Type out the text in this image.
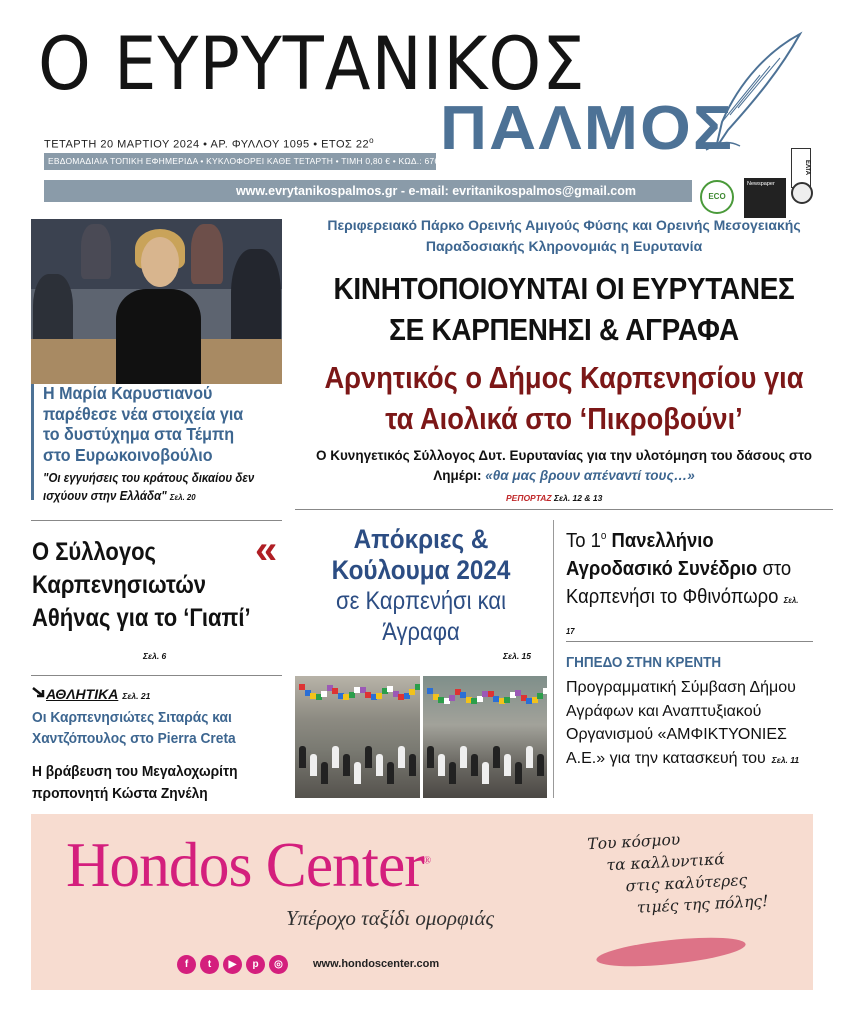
Ο ΕΥΡΥΤΑΝΙΚΟΣ
ΠΑΛΜΟΣ
ΤΕΤΑΡΤΗ 20 ΜΑΡΤΙΟΥ 2024 • ΑΡ. ΦΥΛΛΟΥ 1095 • ΕΤΟΣ $22^o$
ΕΒΔΟΜΑΔΙΑΙΑ ΤΟΠΙΚΗ ΕΦΗΜΕΡΙΔΑ • ΚΥΚΛΟΦΟΡΕΙ ΚΑΘΕ ΤΕΤΑΡΤΗ • ΤΙΜΗ 0,80 € • ΚΩΔ.: 6763
www.evrytanikospalmos.gr - e-mail: evritanikospalmos@gmail.com	ECO
Newspaper
ΕΛΤΑ
Η Μαρία Καρυστιανού παρέθεσε νέα στοιχεία για το δυστύχημα στα Τέμπη στο Ευρωκοινοβούλιο
"Οι εγγυήσεις του κράτους δικαίου δεν ισχύουν στην Ελλάδα" Σελ. 20
Ο Σύλλογος Καρπενησιωτών Αθήνας για το ‘Γιαπί’
«
Σελ. 6
ΑΘΛΗΤΙΚΑ Σελ. 21
Οι Καρπενησιώτες Σιταράς και Χαντζόπουλος στο Pierra Creta
Η βράβευση του Μεγαλοχωρίτη προπονητή Κώστα Ζηνέλη
Περιφερειακό Πάρκο Ορεινής Αμιγούς Φύσης και Ορεινής Μεσογειακής Παραδοσιακής Κληρονομιάς η Ευρυτανία
ΚΙΝΗΤΟΠΟΙΟΥΝΤΑΙ ΟΙ ΕΥΡΥΤΑΝΕΣ ΣΕ ΚΑΡΠΕΝΗΣΙ & ΑΓΡΑΦΑ
Αρνητικός ο Δήμος Καρπενησίου για τα Αιολικά στο ‘Πικροβούνι’
Ο Κυνηγετικός Σύλλογος Δυτ. Ευρυτανίας για την υλοτόμηση του δάσους στο Λημέρι: «θα μας βρουν απέναντί τους…»
ΡΕΠΟΡΤΑΖ Σελ. 12 & 13
Απόκριες & Κούλουμα 2024
σε Καρπενήσι και Άγραφα
Σελ. 15
Το $1^o$ Πανελλήνιο Αγροδασικό Συνέδριο στο Καρπενήσι το Φθινόπωρο Σελ. 17
ΓΗΠΕΔΟ ΣΤΗΝ ΚΡΕΝΤΗ
Προγραμματική Σύμβαση Δήμου Αγράφων και Αναπτυξιακού Οργανισμού «ΑΜΦΙΚΤΥΟΝΙΕΣ Α.Ε.» για την κατασκευή του Σελ. 11
Hondos Center®
Υπέροχο ταξίδι ομορφιάς
Του κόσμου
τα καλλυντικά
στις καλύτερες
τιμές της πόλης!
f	t	▶	p	◎	www.hondoscenter.com
